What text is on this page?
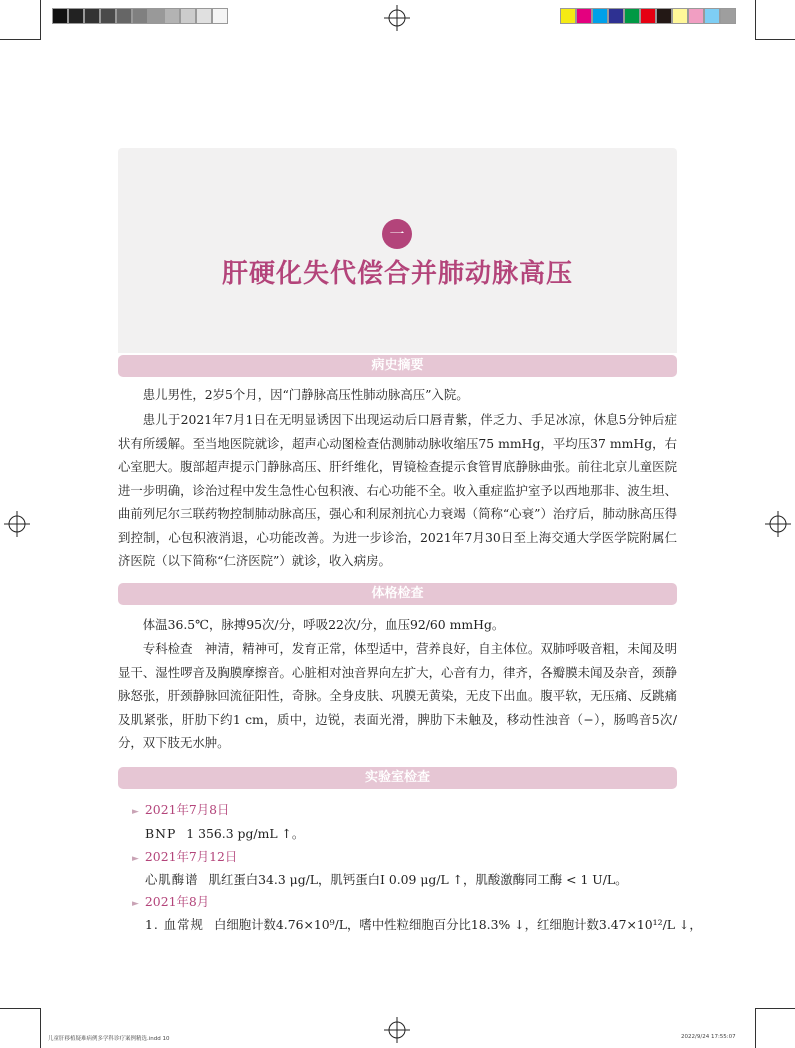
一
肝硬化失代偿合并肺动脉高压
病史摘要
患儿男性，2岁5个月，因“门静脉高压性肺动脉高压”入院。
患儿于2021年7月1日在无明显诱因下出现运动后口唇青紫，伴乏力、手足冰凉，休息5分钟后症状有所缓解。至当地医院就诊，超声心动图检查估测肺动脉收缩压75 mmHg，平均压37 mmHg，右心室肥大。腹部超声提示门静脉高压、肝纤维化，胃镜检查提示食管胃底静脉曲张。前往北京儿童医院进一步明确，诊治过程中发生急性心包积液、右心功能不全。收入重症监护室予以西地那非、波生坦、曲前列尼尔三联药物控制肺动脉高压，强心和利尿剂抗心力衰竭（简称“心衰”）治疗后，肺动脉高压得到控制，心包积液消退，心功能改善。为进一步诊治，2021年7月30日至上海交通大学医学院附属仁济医院（以下简称“仁济医院”）就诊，收入病房。
体格检查
体温36.5℃，脉搏95次/分，呼吸22次/分，血压92/60 mmHg。
专科检查　神清，精神可，发育正常，体型适中，营养良好，自主体位。双肺呼吸音粗，未闻及明显干、湿性啰音及胸膜摩擦音。心脏相对浊音界向左扩大，心音有力，律齐，各瓣膜未闻及杂音，颈静脉怒张，肝颈静脉回流征阳性，奇脉。全身皮肤、巩膜无黄染，无皮下出血。腹平软，无压痛、反跳痛及肌紧张，肝肋下约1 cm，质中，边锐，表面光滑，脾肋下未触及，移动性浊音（−），肠鸣音5次/分，双下肢无水肿。
实验室检查
► 2021年7月8日
BNP 1 356.3 pg/mL ↑。
► 2021年7月12日
心肌酶谱 肌红蛋白34.3 μg/L，肌钙蛋白I 0.09 μg/L ↑，肌酸激酶同工酶 < 1 U/L。
► 2021年8月
1. 血常规 白细胞计数4.76×10⁹/L，嗜中性粒细胞百分比18.3% ↓，红细胞计数3.47×10¹²/L ↓，
儿童肝移植疑难病例多学科诊疗案例精选.indd 10	2022/9/24 17:55:07
